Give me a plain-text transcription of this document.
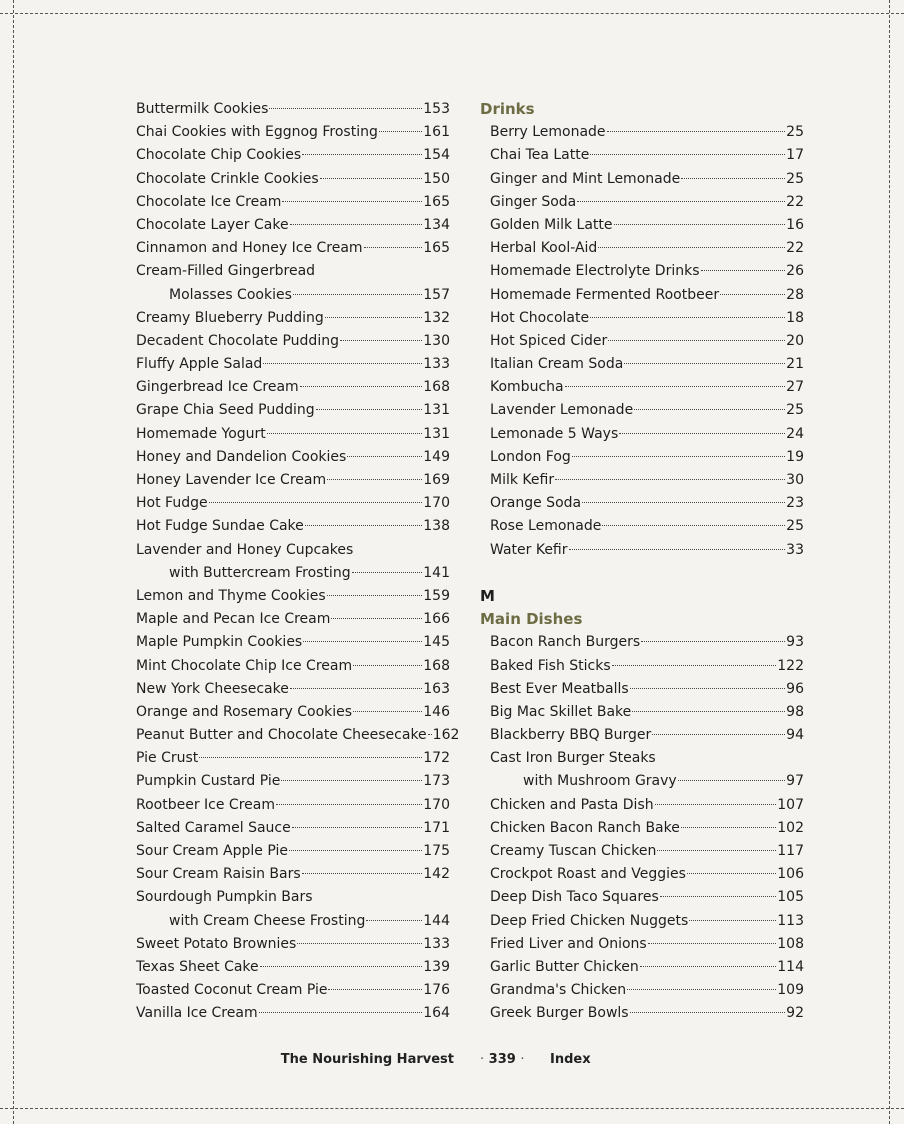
Buttermilk Cookies	153
Chai Cookies with Eggnog Frosting	161
Chocolate Chip Cookies	154
Chocolate Crinkle Cookies	150
Chocolate Ice Cream	165
Chocolate Layer Cake	134
Cinnamon and Honey Ice Cream	165
Cream-Filled Gingerbread
Molasses Cookies	157
Creamy Blueberry Pudding	132
Decadent Chocolate Pudding	130
Fluffy Apple Salad	133
Gingerbread Ice Cream	168
Grape Chia Seed Pudding	131
Homemade Yogurt	131
Honey and Dandelion Cookies	149
Honey Lavender Ice Cream	169
Hot Fudge	170
Hot Fudge Sundae Cake	138
Lavender and Honey Cupcakes
with Buttercream Frosting	141
Lemon and Thyme Cookies	159
Maple and Pecan Ice Cream	166
Maple Pumpkin Cookies	145
Mint Chocolate Chip Ice Cream	168
New York Cheesecake	163
Orange and Rosemary Cookies	146
Peanut Butter and Chocolate Cheesecake 162
Pie Crust	172
Pumpkin Custard Pie	173
Rootbeer Ice Cream	170
Salted Caramel Sauce	171
Sour Cream Apple Pie	175
Sour Cream Raisin Bars	142
Sourdough Pumpkin Bars
with Cream Cheese Frosting	144
Sweet Potato Brownies	133
Texas Sheet Cake	139
Toasted Coconut Cream Pie	176
Vanilla Ice Cream	164
Drinks
Berry Lemonade	25
Chai Tea Latte	17
Ginger and Mint Lemonade	25
Ginger Soda	22
Golden Milk Latte	16
Herbal Kool-Aid	22
Homemade Electrolyte Drinks	26
Homemade Fermented Rootbeer	28
Hot Chocolate	18
Hot Spiced Cider	20
Italian Cream Soda	21
Kombucha	27
Lavender Lemonade	25
Lemonade 5 Ways	24
London Fog	19
Milk Kefir	30
Orange Soda	23
Rose Lemonade	25
Water Kefir	33
M
Main Dishes
Bacon Ranch Burgers	93
Baked Fish Sticks	122
Best Ever Meatballs	96
Big Mac Skillet Bake	98
Blackberry BBQ Burger	94
Cast Iron Burger Steaks
with Mushroom Gravy	97
Chicken and Pasta Dish	107
Chicken Bacon Ranch Bake	102
Creamy Tuscan Chicken	117
Crockpot Roast and Veggies	106
Deep Dish Taco Squares	105
Deep Fried Chicken Nuggets	113
Fried Liver and Onions	108
Garlic Butter Chicken	114
Grandma's Chicken	109
Greek Burger Bowls	92
The Nourishing Harvest · 339 · Index
